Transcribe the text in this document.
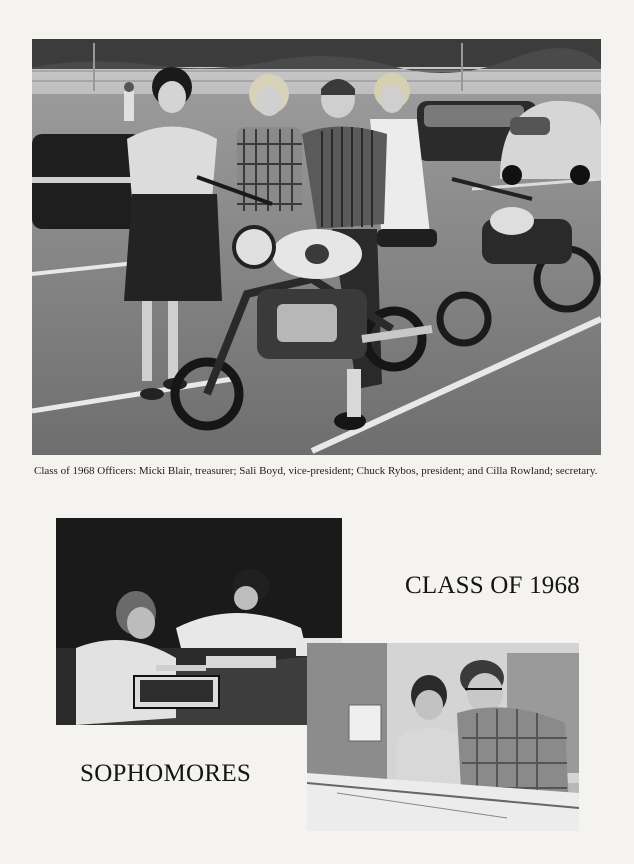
Class of 1968 Officers: Micki Blair, treasurer; Sali Boyd, vice-president; Chuck Rybos, president; and Cilla Rowland; secretary.

CLASS OF 1968
SOPHOMORES
